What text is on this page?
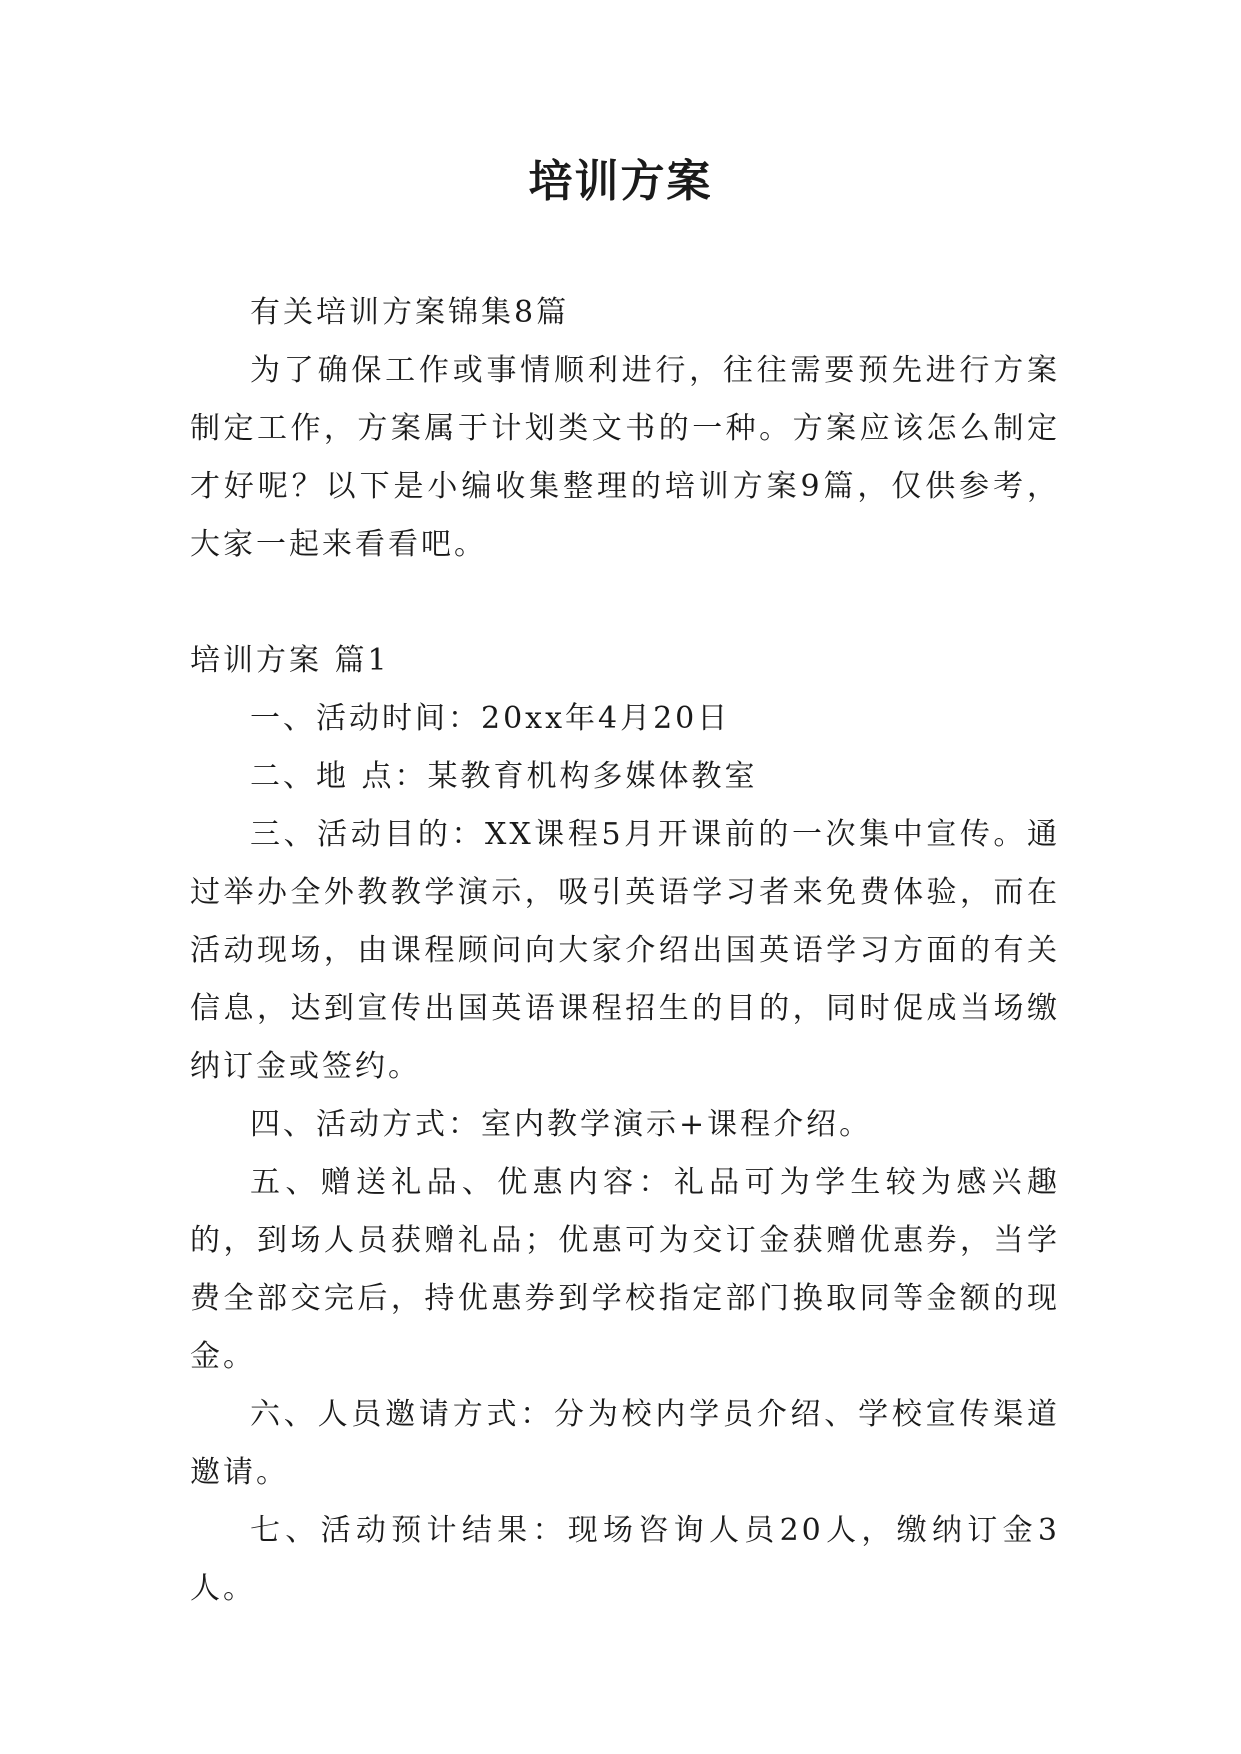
培训方案

有关培训方案锦集8篇

为了确保工作或事情顺利进行，往往需要预先进行方案制定工作，方案属于计划类文书的一种。方案应该怎么制定才好呢？以下是小编收集整理的培训方案9篇，仅供参考，大家一起来看看吧。

培训方案 篇1

一、活动时间：20xx年4月20日

二、地 点：某教育机构多媒体教室

三、活动目的：XX课程5月开课前的一次集中宣传。通过举办全外教教学演示，吸引英语学习者来免费体验，而在活动现场，由课程顾问向大家介绍出国英语学习方面的有关信息，达到宣传出国英语课程招生的目的，同时促成当场缴纳订金或签约。

四、活动方式：室内教学演示+课程介绍。

五、赠送礼品、优惠内容：礼品可为学生较为感兴趣的，到场人员获赠礼品；优惠可为交订金获赠优惠券，当学费全部交完后，持优惠券到学校指定部门换取同等金额的现金。

六、人员邀请方式：分为校内学员介绍、学校宣传渠道邀请。

七、活动预计结果：现场咨询人员20人，缴纳订金3人。
